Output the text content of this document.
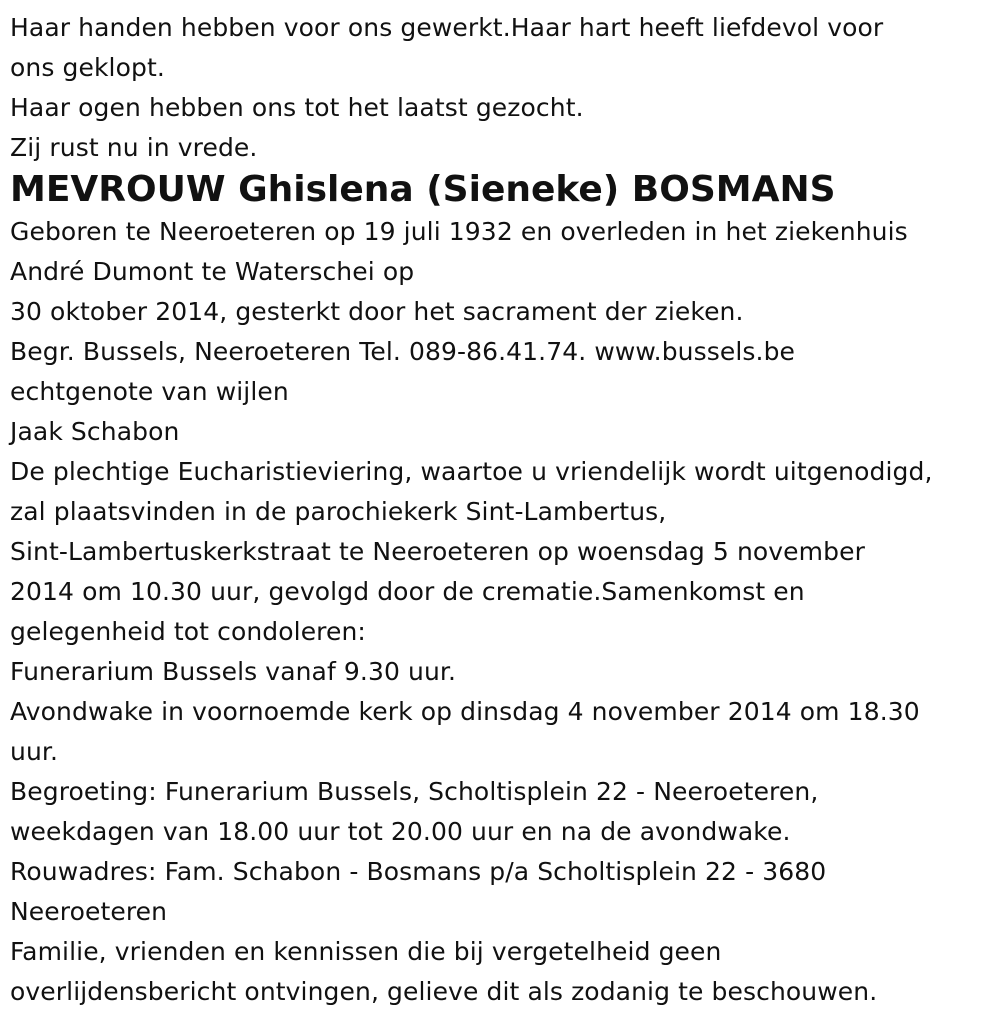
Haar handen hebben voor ons gewerkt.Haar hart heeft liefdevol voor
ons geklopt.
Haar ogen hebben ons tot het laatst gezocht.
Zij rust nu in vrede.
MEVROUW Ghislena (Sieneke) BOSMANS
Geboren te Neeroeteren op 19 juli 1932 en overleden in het ziekenhuis
André Dumont te Waterschei op
30 oktober 2014, gesterkt door het sacrament der zieken.
Begr. Bussels, Neeroeteren Tel. 089-86.41.74. www.bussels.be
echtgenote van wijlen
Jaak Schabon
De plechtige Eucharistieviering, waartoe u vriendelijk wordt uitgenodigd,
zal plaatsvinden in de parochiekerk Sint-Lambertus,
Sint-Lambertuskerkstraat te Neeroeteren op woensdag 5 november
2014 om 10.30 uur, gevolgd door de crematie.Samenkomst en
gelegenheid tot condoleren:
Funerarium Bussels vanaf 9.30 uur.
Avondwake in voornoemde kerk op dinsdag 4 november 2014 om 18.30
uur.
Begroeting: Funerarium Bussels, Scholtisplein 22 - Neeroeteren,
weekdagen van 18.00 uur tot 20.00 uur en na de avondwake.
Rouwadres: Fam. Schabon - Bosmans p/a Scholtisplein 22 - 3680
Neeroeteren
Familie, vrienden en kennissen die bij vergetelheid geen
overlijdensbericht ontvingen, gelieve dit als zodanig te beschouwen.
